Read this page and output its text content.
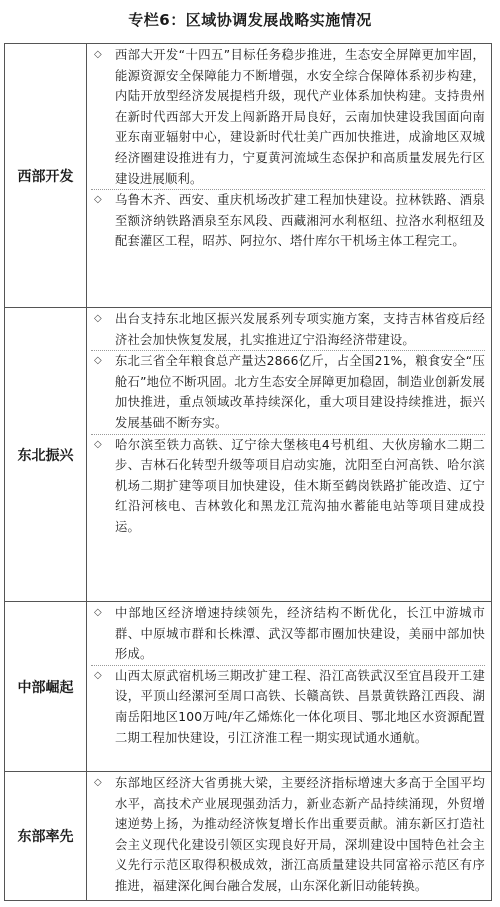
专栏6：区域协调发展战略实施情况
西部开发
◇	西部大开发“十四五”目标任务稳步推进，生态安全屏障更加牢固，能源资源安全保障能力不断增强，水安全综合保障体系初步构建，内陆开放型经济发展提档升级，现代产业体系加快构建。支持贵州在新时代西部大开发上闯新路开局良好，云南加快建设我国面向南亚东南亚辐射中心，建设新时代壮美广西加快推进，成渝地区双城经济圈建设推进有力，宁夏黄河流域生态保护和高质量发展先行区建设进展顺利。
◇	乌鲁木齐、西安、重庆机场改扩建工程加快建设。拉林铁路、酒泉至额济纳铁路酒泉至东风段、西藏湘河水利枢纽、拉洛水利枢纽及配套灌区工程，昭苏、阿拉尔、塔什库尔干机场主体工程完工。
东北振兴
◇	出台支持东北地区振兴发展系列专项实施方案，支持吉林省疫后经济社会加快恢复发展，扎实推进辽宁沿海经济带建设。
◇	东北三省全年粮食总产量达2866亿斤，占全国21%，粮食安全“压舱石”地位不断巩固。北方生态安全屏障更加稳固，制造业创新发展加快推进，重点领域改革持续深化，重大项目建设持续推进，振兴发展基础不断夯实。
◇	哈尔滨至铁力高铁、辽宁徐大堡核电4号机组、大伙房输水二期二步、吉林石化转型升级等项目启动实施，沈阳至白河高铁、哈尔滨机场二期扩建等项目加快建设，佳木斯至鹤岗铁路扩能改造、辽宁红沿河核电、吉林敦化和黑龙江荒沟抽水蓄能电站等项目建成投运。
中部崛起
◇	中部地区经济增速持续领先，经济结构不断优化，长江中游城市群、中原城市群和长株潭、武汉等都市圈加快建设，美丽中部加快形成。
◇	山西太原武宿机场三期改扩建工程、沿江高铁武汉至宜昌段开工建设，平顶山经漯河至周口高铁、长赣高铁、昌景黄铁路江西段、湖南岳阳地区100万吨/年乙烯炼化一体化项目、鄂北地区水资源配置二期工程加快建设，引江济淮工程一期实现试通水通航。
东部率先
◇	东部地区经济大省勇挑大梁，主要经济指标增速大多高于全国平均水平，高技术产业展现强劲活力，新业态新产品持续涌现，外贸增速逆势上扬，为推动经济恢复增长作出重要贡献。浦东新区打造社会主义现代化建设引领区实现良好开局，深圳建设中国特色社会主义先行示范区取得积极成效，浙江高质量建设共同富裕示范区有序推进，福建深化闽台融合发展，山东深化新旧动能转换。
